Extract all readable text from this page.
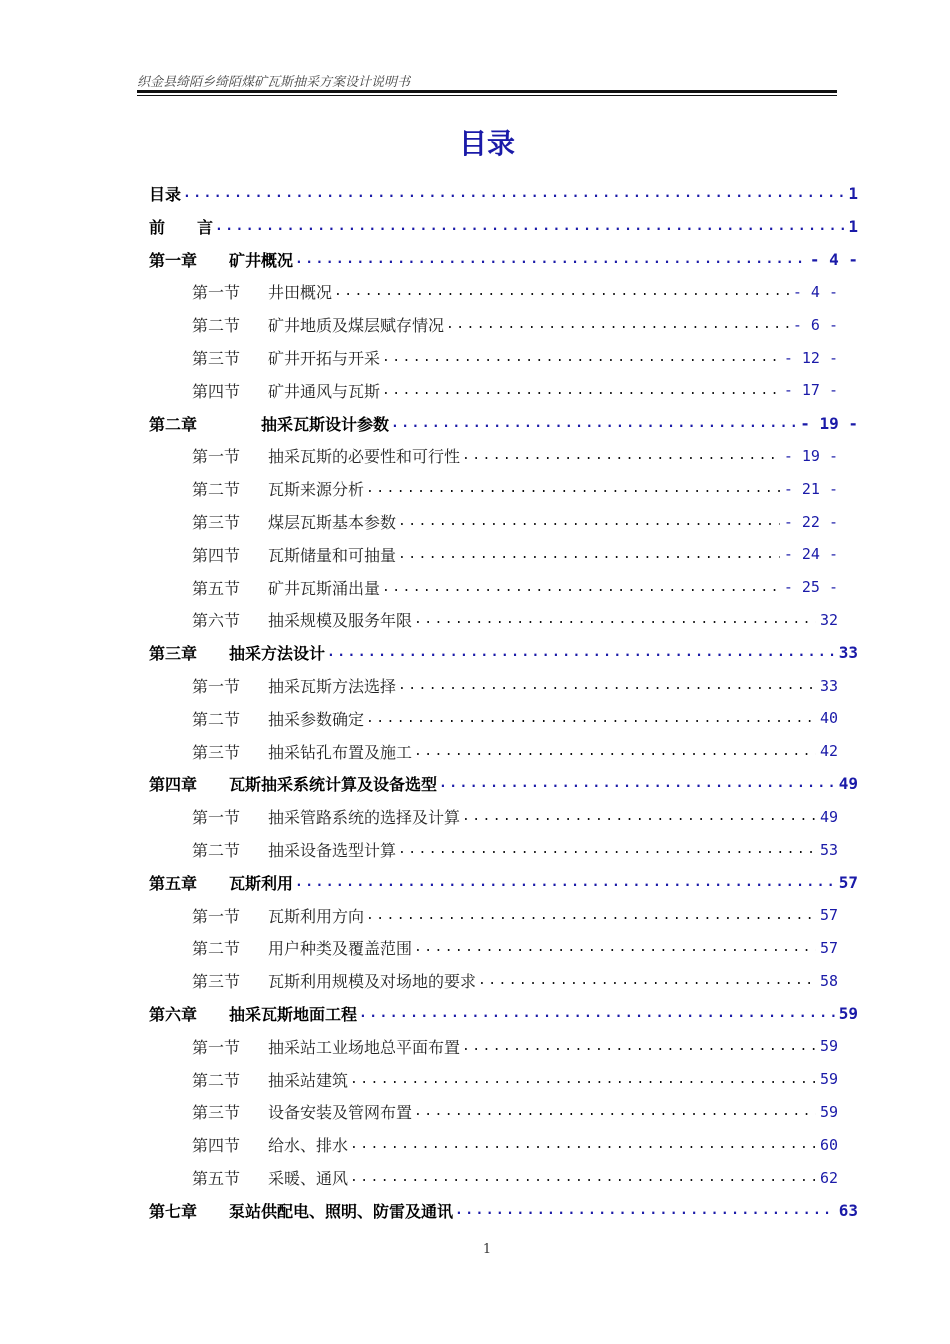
织金县绮陌乡绮陌煤矿瓦斯抽采方案设计说明书
目录
目录 .....	1
前　　言 .....	1
第一章	矿井概况 .....	- 4 -
第一节	井田概况 .....	- 4 -
第二节	矿井地质及煤层赋存情况 .....	- 6 -
第三节	矿井开拓与开采 .....	- 12 -
第四节	矿井通风与瓦斯 .....	- 17 -
第二章	　　抽采瓦斯设计参数 .....	- 19 -
第一节	抽采瓦斯的必要性和可行性 .....	- 19 -
第二节	瓦斯来源分析 .....	- 21 -
第三节	煤层瓦斯基本参数 .....	- 22 -
第四节	瓦斯储量和可抽量 .....	- 24 -
第五节	矿井瓦斯涌出量 .....	- 25 -
第六节	抽采规模及服务年限 .....	32
第三章	抽采方法设计 .....	33
第一节	抽采瓦斯方法选择 .....	33
第二节	抽采参数确定 .....	40
第三节	抽采钻孔布置及施工 .....	42
第四章	瓦斯抽采系统计算及设备选型 .....	49
第一节	抽采管路系统的选择及计算 .....	49
第二节	抽采设备选型计算 .....	53
第五章	瓦斯利用 .....	57
第一节	瓦斯利用方向 .....	57
第二节	用户种类及覆盖范围 .....	57
第三节	瓦斯利用规模及对场地的要求 .....	58
第六章	抽采瓦斯地面工程 .....	59
第一节	抽采站工业场地总平面布置 .....	59
第二节	抽采站建筑 .....	59
第三节	设备安装及管网布置 .....	59
第四节	给水、排水 .....	60
第五节	采暖、通风 .....	62
第七章	泵站供配电、照明、防雷及通讯 .....	63
1
